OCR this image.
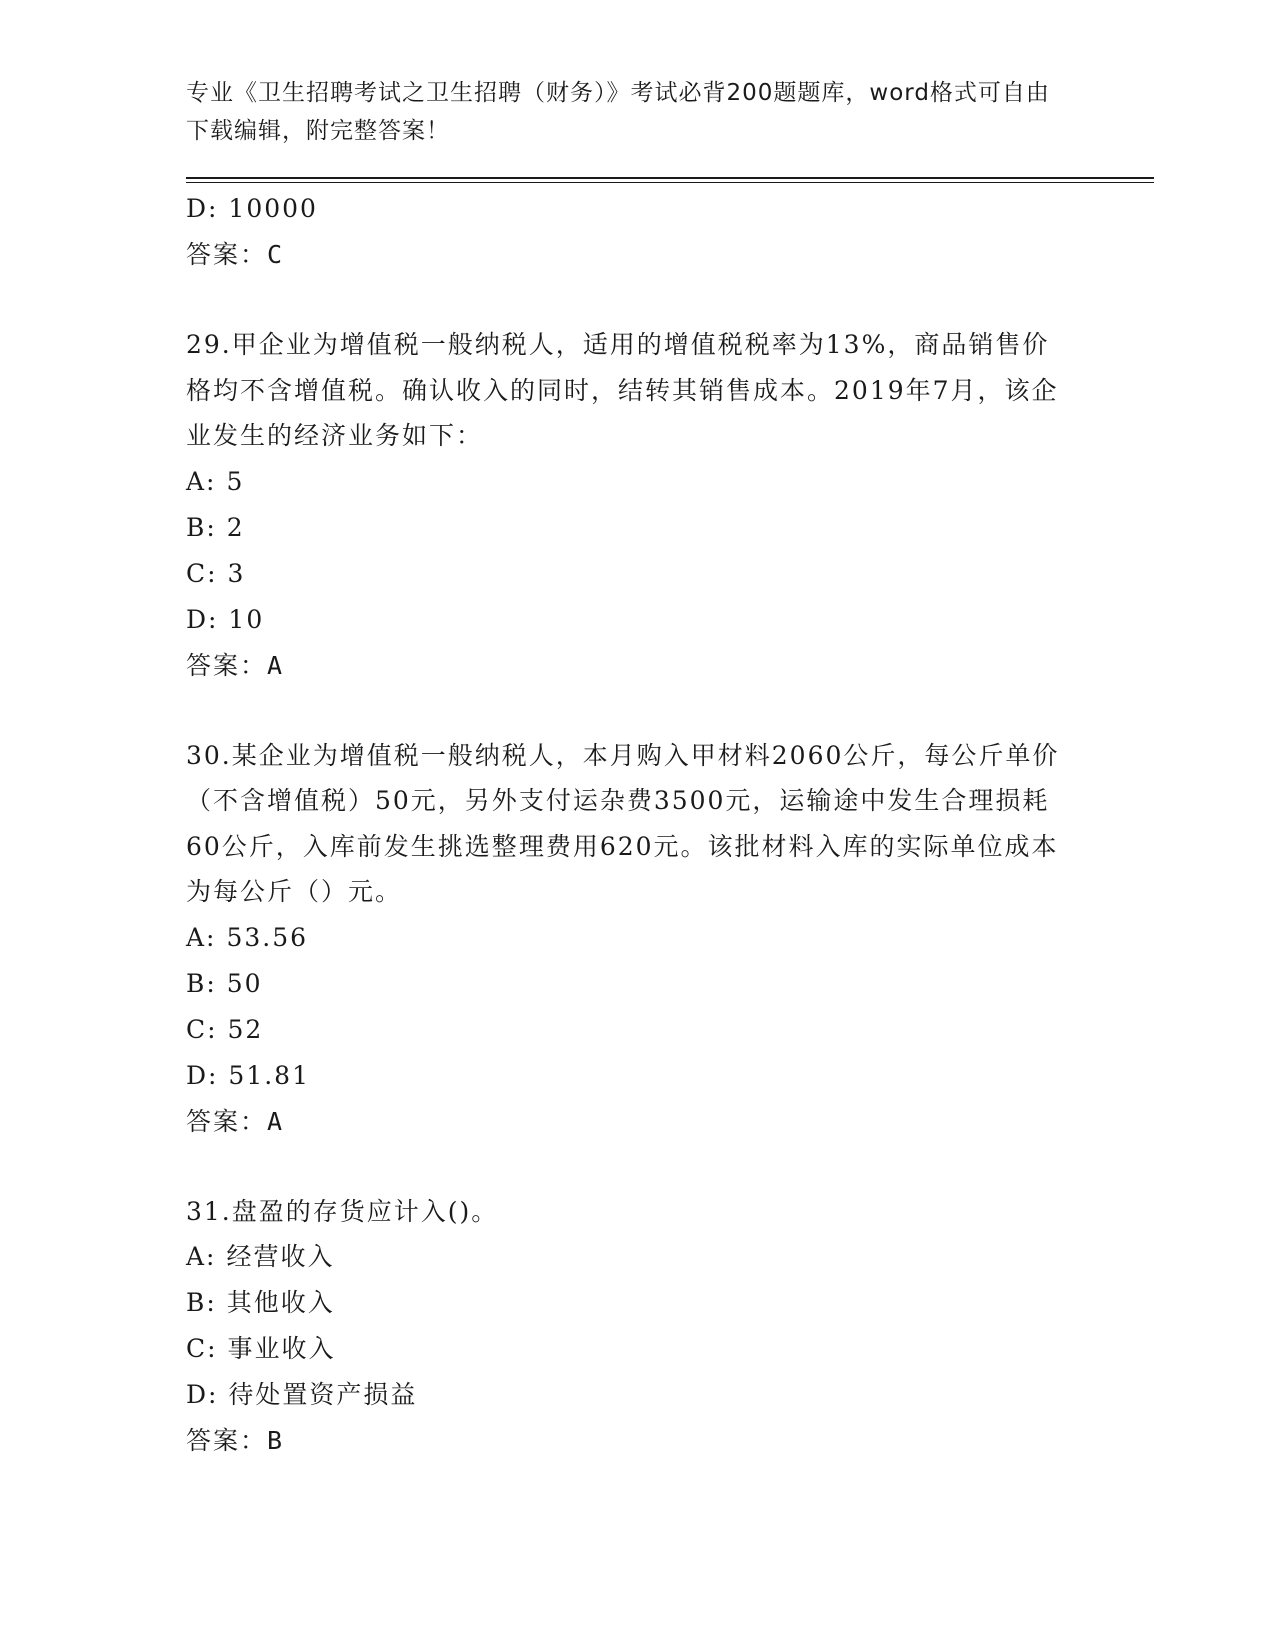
专业《卫生招聘考试之卫生招聘（财务）》考试必背200题题库，word格式可自由下载编辑，附完整答案！
D: 10000
答案：C
29.甲企业为增值税一般纳税人，适用的增值税税率为13%，商品销售价格均不含增值税。确认收入的同时，结转其销售成本。2019年7月，该企业发生的经济业务如下：
A: 5
B: 2
C: 3
D: 10
答案：A
30.某企业为增值税一般纳税人，本月购入甲材料2060公斤，每公斤单价（不含增值税）50元，另外支付运杂费3500元，运输途中发生合理损耗60公斤，入库前发生挑选整理费用620元。该批材料入库的实际单位成本为每公斤（）元。
A: 53.56
B: 50
C: 52
D: 51.81
答案：A
31.盘盈的存货应计入()。
A: 经营收入
B: 其他收入
C: 事业收入
D: 待处置资产损益
答案：B
